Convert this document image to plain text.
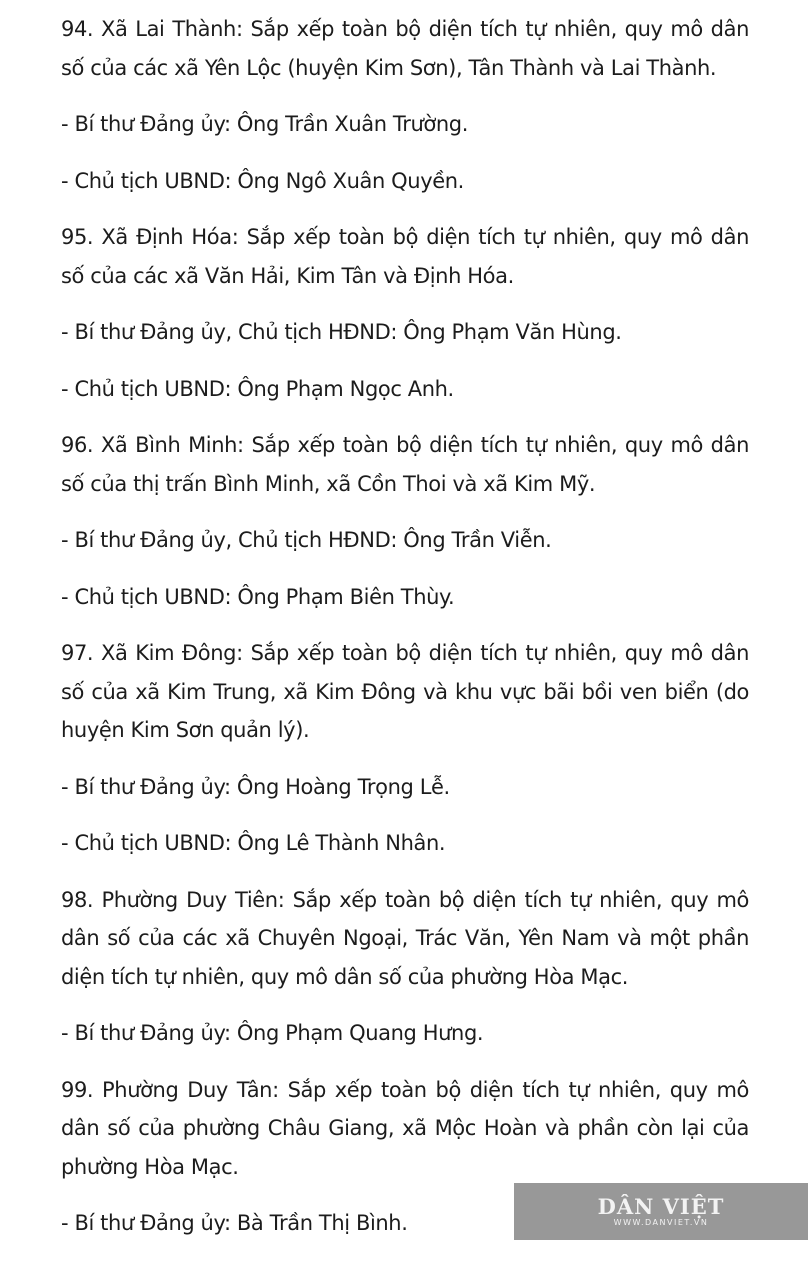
94. Xã Lai Thành: Sắp xếp toàn bộ diện tích tự nhiên, quy mô dân số của các xã Yên Lộc (huyện Kim Sơn), Tân Thành và Lai Thành.

- Bí thư Đảng ủy: Ông Trần Xuân Trường.

- Chủ tịch UBND: Ông Ngô Xuân Quyền.

95. Xã Định Hóa: Sắp xếp toàn bộ diện tích tự nhiên, quy mô dân số của các xã Văn Hải, Kim Tân và Định Hóa.

- Bí thư Đảng ủy, Chủ tịch HĐND: Ông Phạm Văn Hùng.

- Chủ tịch UBND: Ông Phạm Ngọc Anh.

96. Xã Bình Minh: Sắp xếp toàn bộ diện tích tự nhiên, quy mô dân số của thị trấn Bình Minh, xã Cồn Thoi và xã Kim Mỹ.

- Bí thư Đảng ủy, Chủ tịch HĐND: Ông Trần Viễn.

- Chủ tịch UBND: Ông Phạm Biên Thùy.

97. Xã Kim Đông: Sắp xếp toàn bộ diện tích tự nhiên, quy mô dân số của xã Kim Trung, xã Kim Đông và khu vực bãi bồi ven biển (do huyện Kim Sơn quản lý).

- Bí thư Đảng ủy: Ông Hoàng Trọng Lễ.

- Chủ tịch UBND: Ông Lê Thành Nhân.

98. Phường Duy Tiên: Sắp xếp toàn bộ diện tích tự nhiên, quy mô dân số của các xã Chuyên Ngoại, Trác Văn, Yên Nam và một phần diện tích tự nhiên, quy mô dân số của phường Hòa Mạc.

- Bí thư Đảng ủy: Ông Phạm Quang Hưng.

99. Phường Duy Tân: Sắp xếp toàn bộ diện tích tự nhiên, quy mô dân số của phường Châu Giang, xã Mộc Hoàn và phần còn lại của phường Hòa Mạc.

- Bí thư Đảng ủy: Bà Trần Thị Bình.

DÂN VIỆT
WWW.DANVIET.VN
